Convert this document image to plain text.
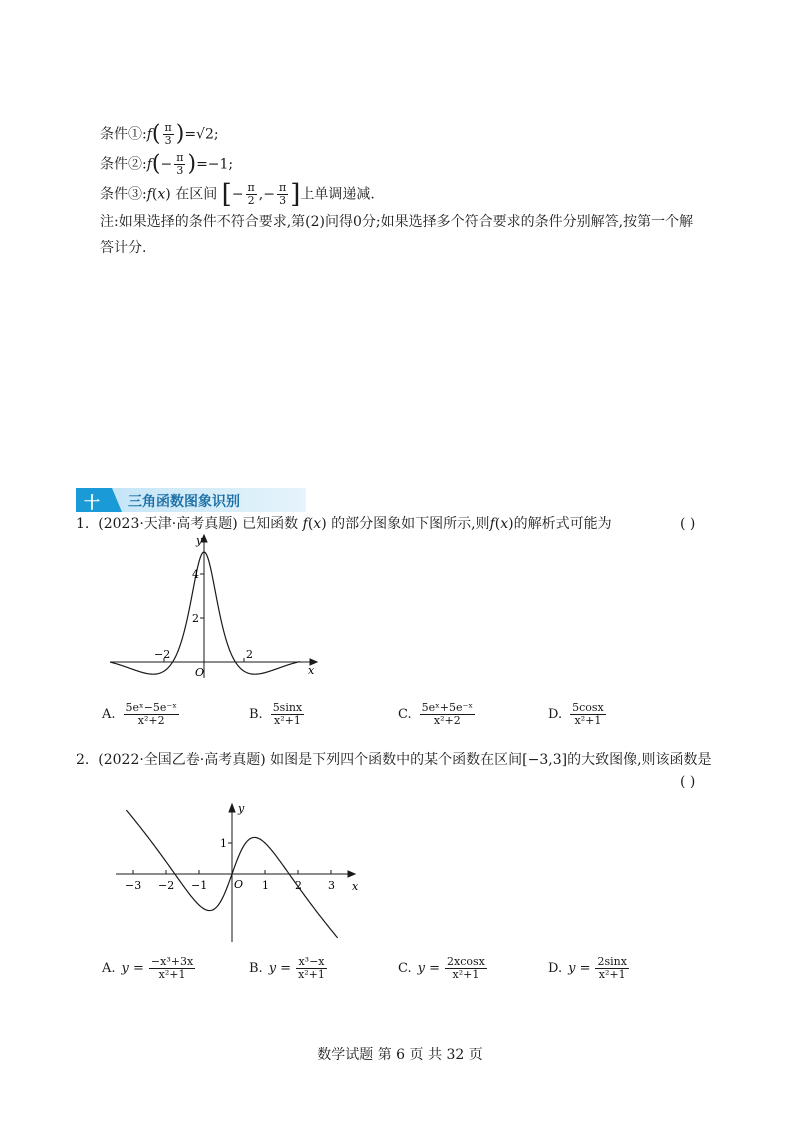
条件①:f( $\frac{\pi}{3} )=√2$;
条件②:f(− $\frac{\pi}{3} )=-1$;
条件③:f(x) 在区间 [− $\frac{\pi}{2}$ ,− $\frac{\pi}{3}$ ]上单调递减.
注:如果选择的条件不符合要求,第(2)问得0分;如果选择多个符合要求的条件分别解答,按第一个解
答计分.
十 三角函数图象识别
1. (2023·天津·高考真题) 已知函数 f(x) 的部分图象如下图所示,则f(x)的解析式可能为	( )
y
x
O
4
2
−2	2
A. $\frac{\text{5eˣ−5e⁻ˣ}}{\text{x²+2}}$	B. $\frac{5\sin x}{\text{x²+1}}$	C. $\frac{\text{5eˣ+5e⁻ˣ}}{\text{x²+2}}$	D. $\frac{5\cos x}{\text{x²+1}}$
2. (2022·全国乙卷·高考真题) 如图是下列四个函数中的某个函数在区间[−3,3]的大致图像,则该函数是
( )
y
x
O
1
−3 −2 −1	1 2 3
A. $y = \frac{\text{−x³+3x}}{\text{x²+1}}$	B. $y = \frac{\text{x³−x}}{\text{x²+1}}$	C. $y = \frac{2xcosx}{\text{x²+1}}$	D. $y = \frac{2\sin x}{\text{x²+1}}$
数学试题 第 6 页 共 32 页
